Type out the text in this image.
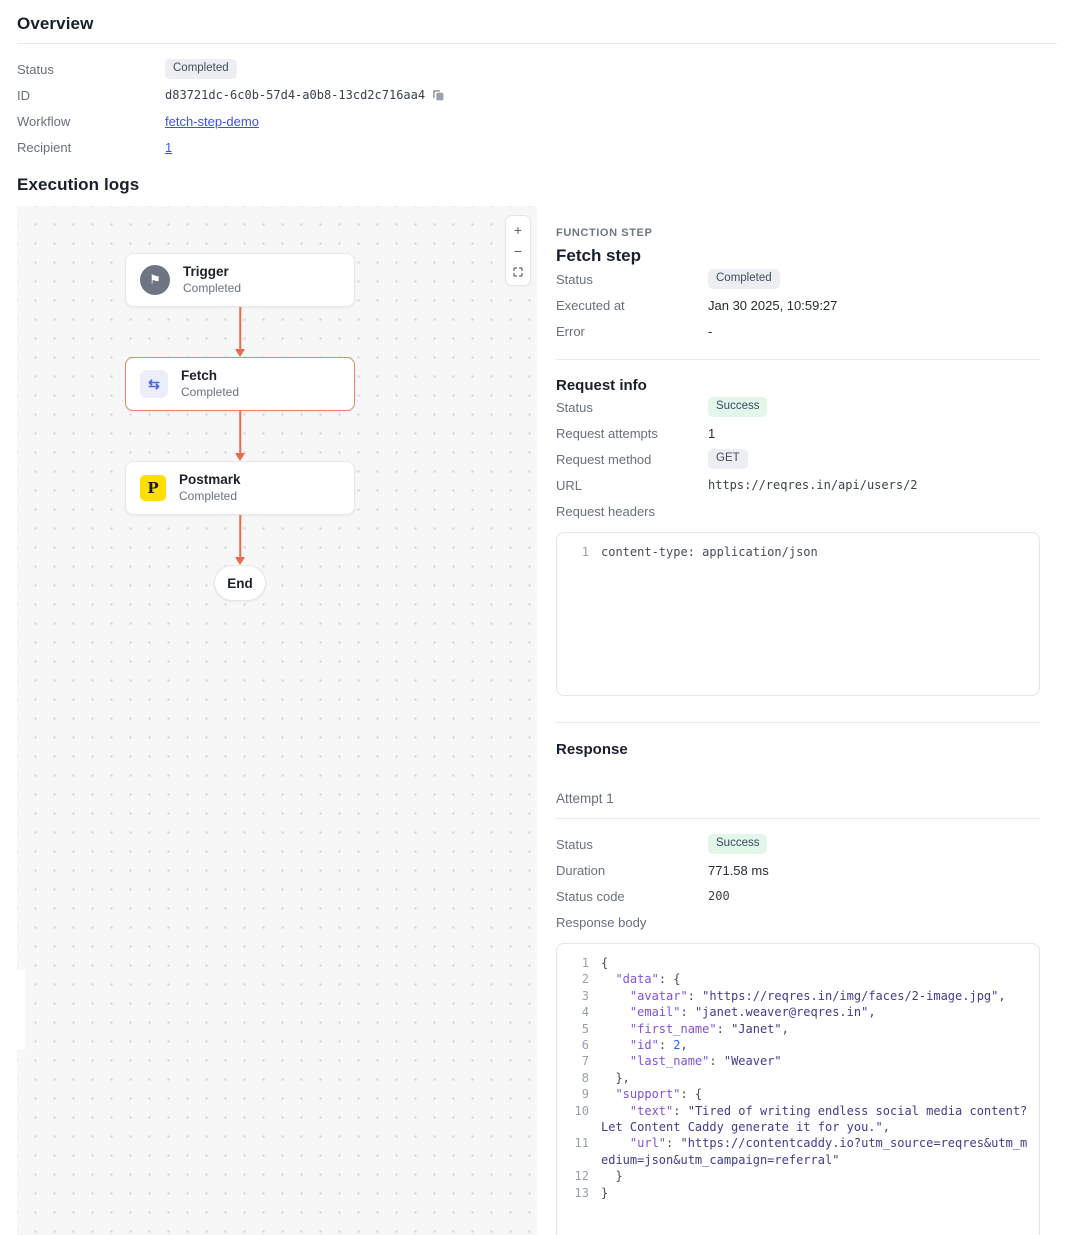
Overview
Status	Completed
ID	d83721dc-6c0b-57d4-a0b8-13cd2c716aa4
Workflow	fetch-step-demo
Recipient	1
Execution logs
⚑
Trigger
Completed
⇆
Fetch
Completed
P	Postmark
Completed
End
+
−
FUNCTION STEP
Fetch step
Status	Completed
Executed at	Jan 30 2025, 10:59:27
Error	-
Request info
Status	Success
Request attempts	1
Request method	GET
URL	https://reqres.in/api/users/2
Request headers
1 content-type: application/json
Response
Attempt 1
Status	Success
Duration	771.58 ms
Status code	200
Response body
1 {
2	"data": {
3	"avatar": "https://reqres.in/img/faces/2-image.jpg",
4	"email": "janet.weaver@reqres.in",
5	"first_name": "Janet",
6	"id": 2,
7	"last_name": "Weaver"
8 },
9	"support": {
10	"text": "Tired of writing endless social media content? Let Content Caddy generate it for you.",
11	"url": "https://contentcaddy.io?utm_source=reqres&utm_medium=json&utm_campaign=referral"
12 }
13 }
